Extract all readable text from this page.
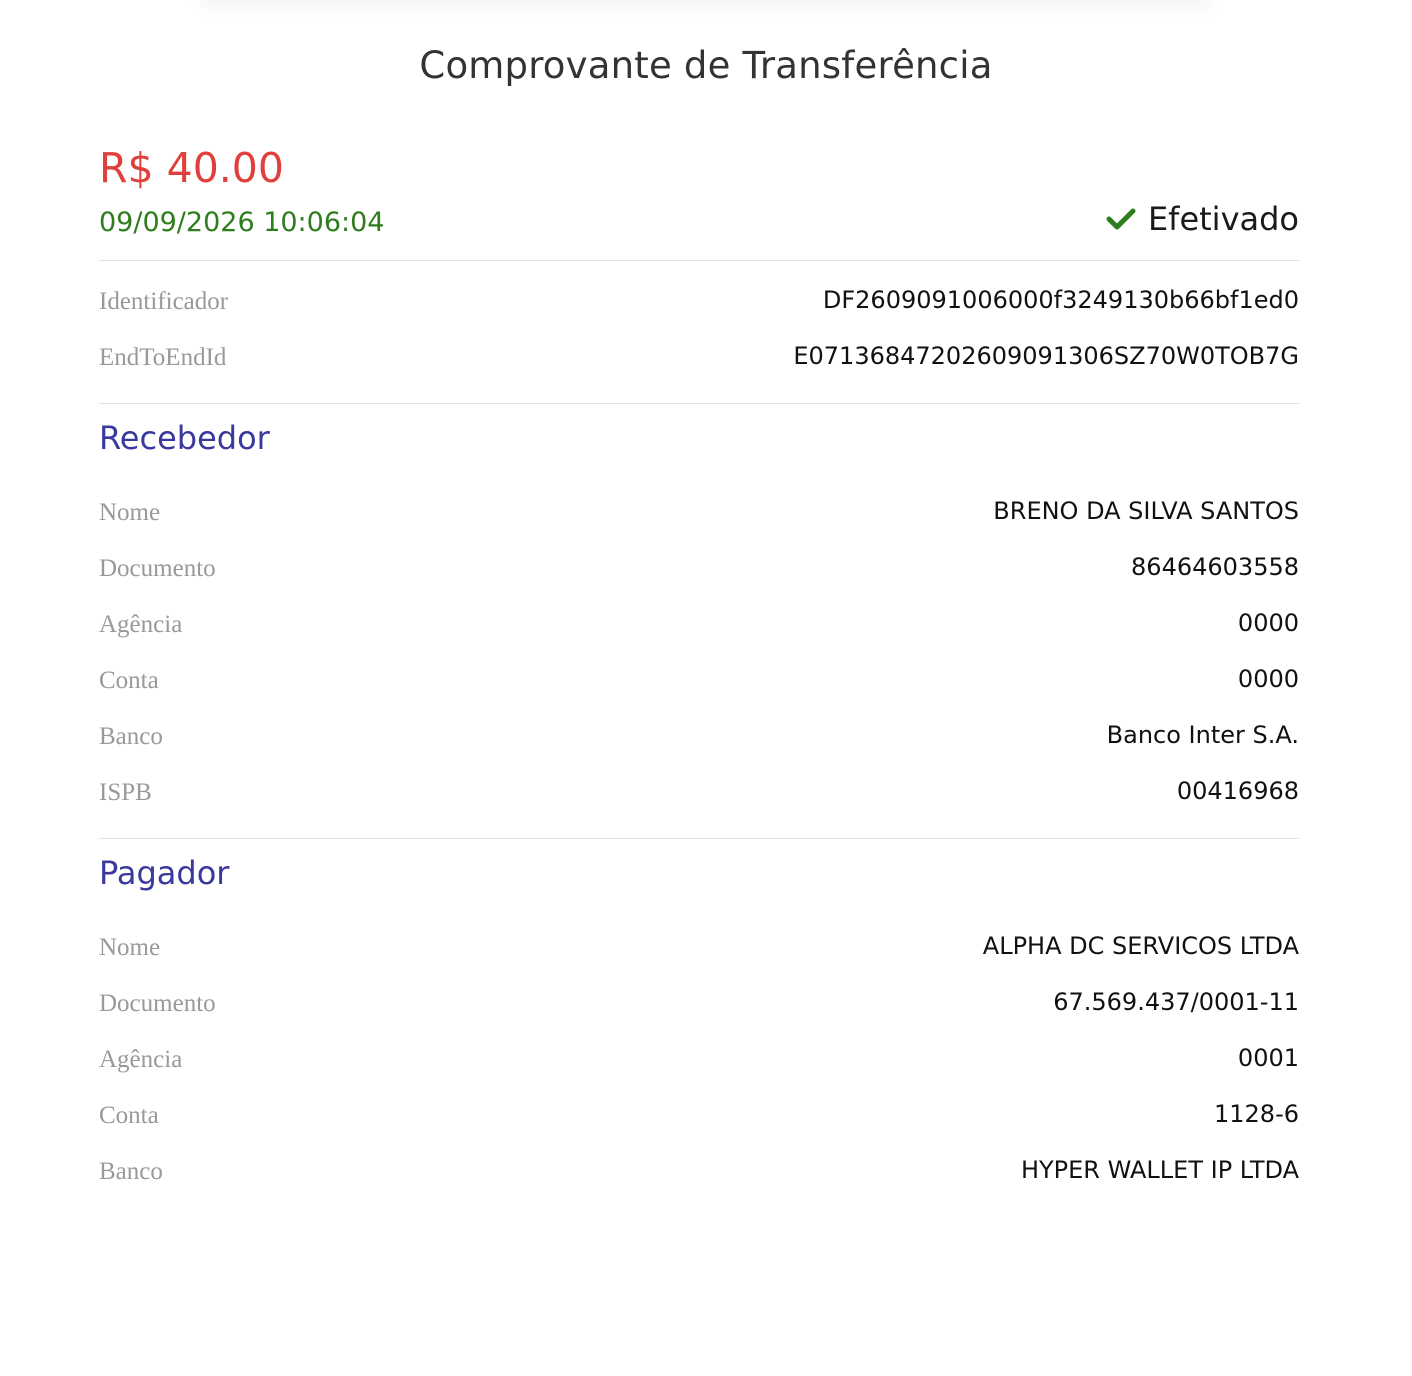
Comprovante de Transferência
R$ 40.00
09/09/2026 10:06:04	Efetivado
Identificador	DF2609091006000f3249130b66bf1ed0
EndToEndId	E07136847202609091306SZ70W0TOB7G
Recebedor
Nome	BRENO DA SILVA SANTOS
Documento	86464603558
Agência	0000
Conta	0000
Banco	Banco Inter S.A.
ISPB	00416968
Pagador
Nome	ALPHA DC SERVICOS LTDA
Documento	67.569.437/0001-11
Agência	0001
Conta	1128-6
Banco	HYPER WALLET IP LTDA
